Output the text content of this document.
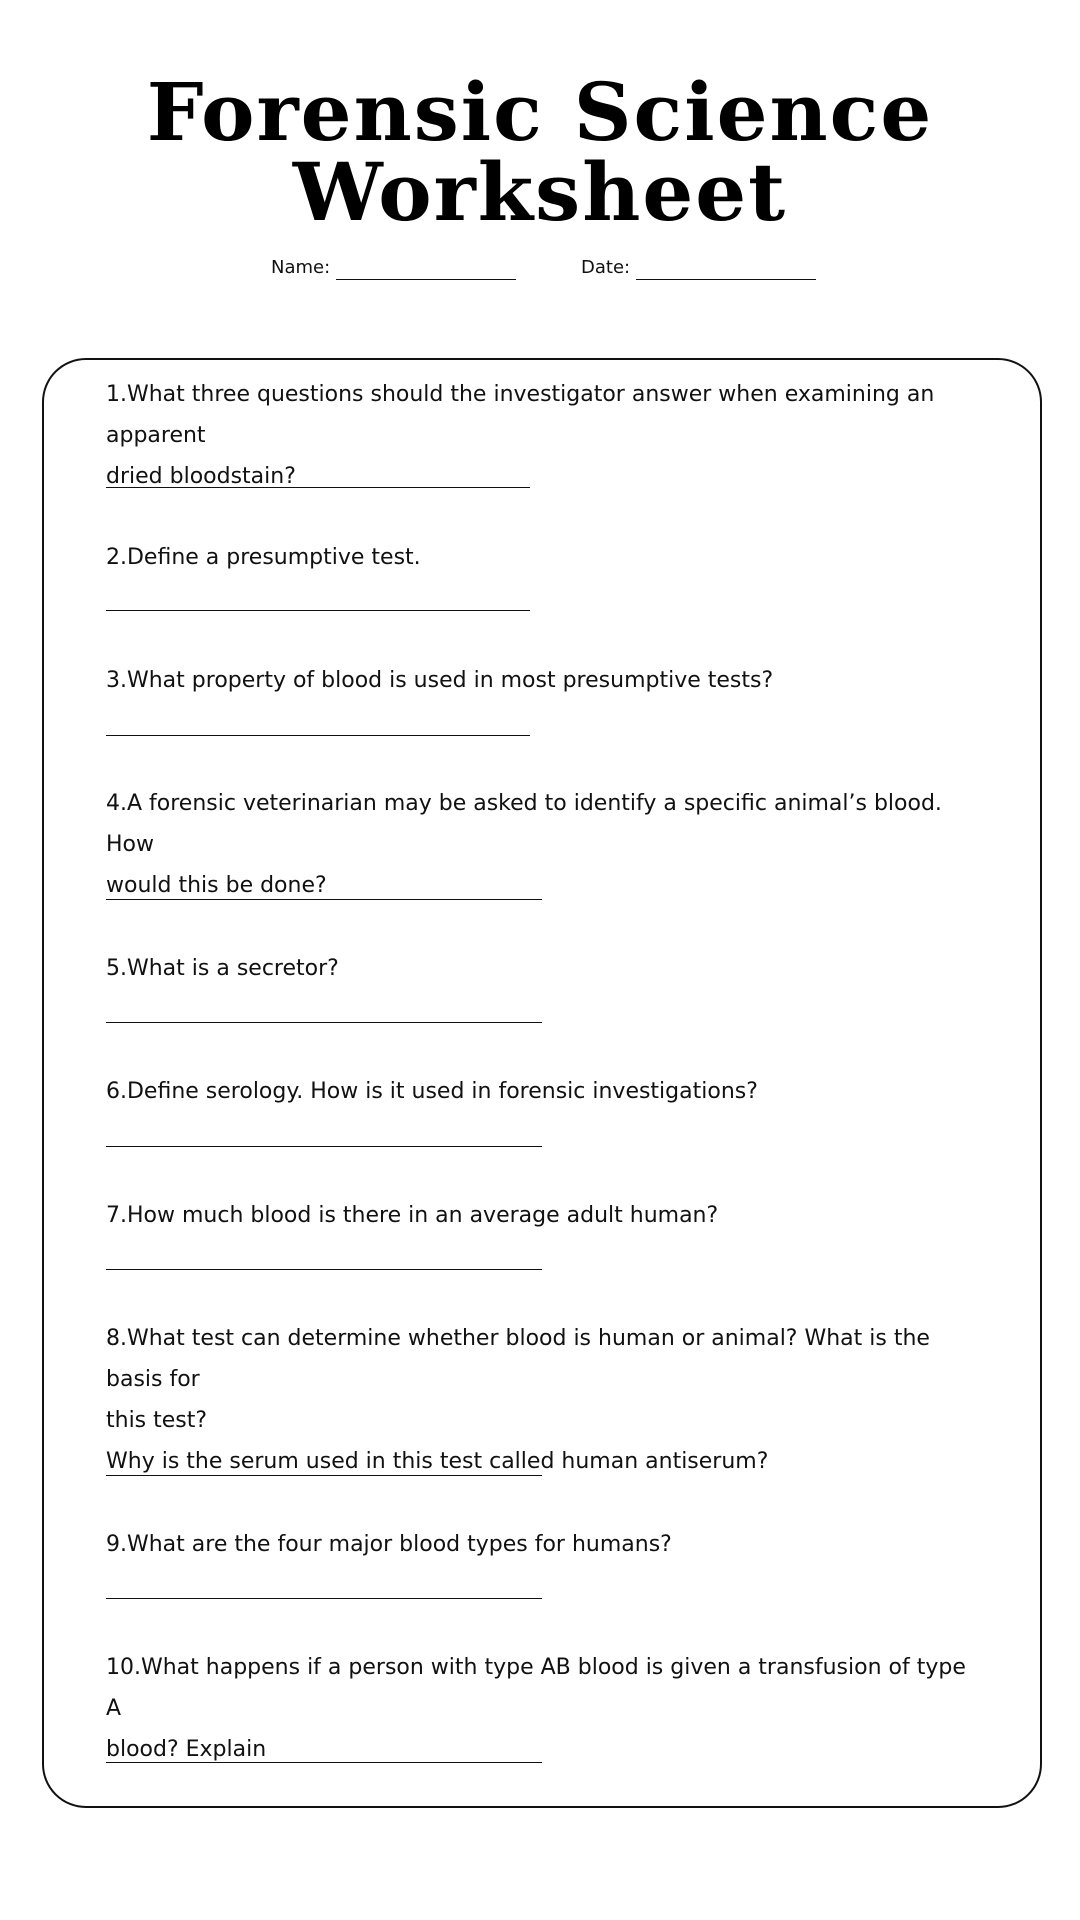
Forensic Science
Worksheet
Name:	Date:

1.What three questions should the investigator answer when examining an apparent

dried bloodstain?

2.Define a presumptive test.

3.What property of blood is used in most presumptive tests?

4.A forensic veterinarian may be asked to identify a specific animal’s blood. How

would this be done?

5.What is a secretor?

6.Define serology. How is it used in forensic investigations?

7.How much blood is there in an average adult human?

8.What test can determine whether blood is human or animal? What is the basis for

this test?

Why is the serum used in this test called human antiserum?

9.What are the four major blood types for humans?

10.What happens if a person with type AB blood is given a transfusion of type A

blood? Explain
